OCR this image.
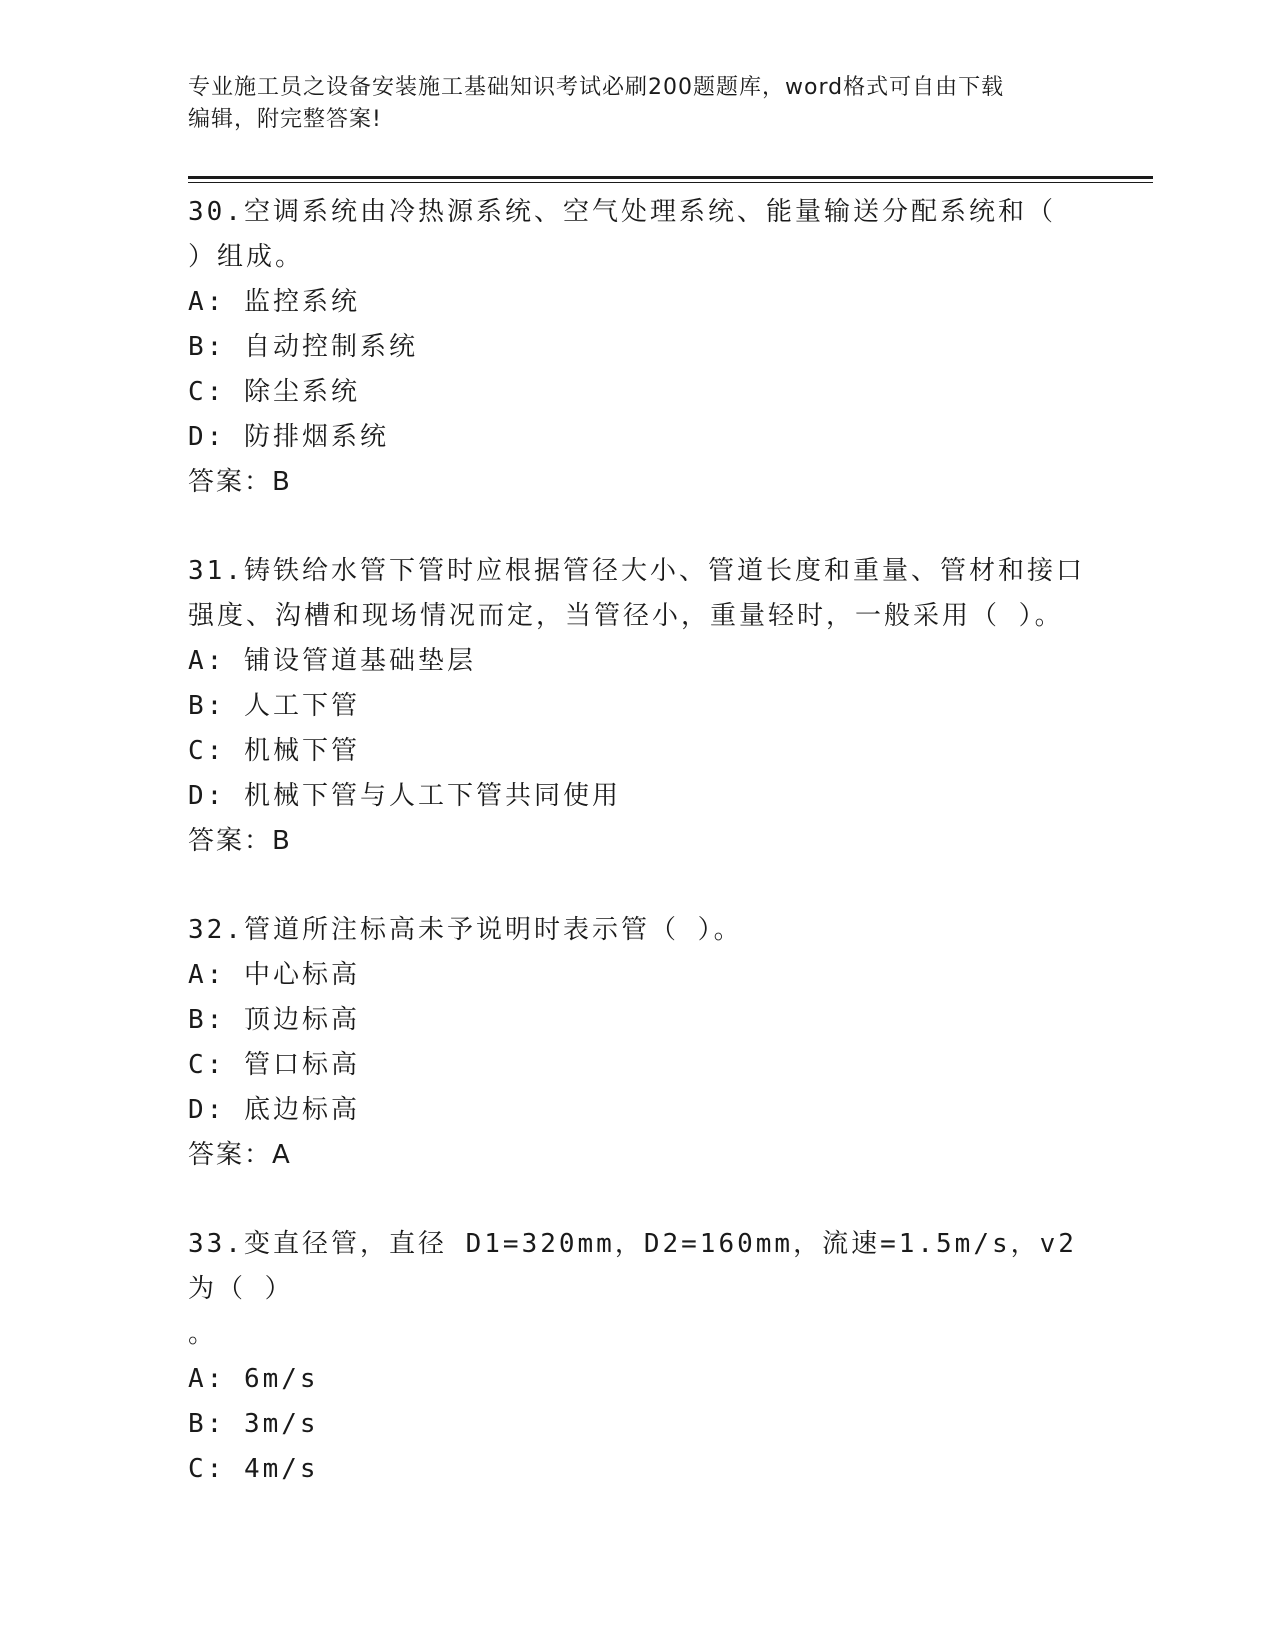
专业施工员之设备安装施工基础知识考试必刷200题题库，word格式可自由下载
编辑，附完整答案!
30.空调系统由冷热源系统、空气处理系统、能量输送分配系统和（
）组成。
A: 监控系统
B: 自动控制系统
C: 除尘系统
D: 防排烟系统
答案：B
31.铸铁给水管下管时应根据管径大小、管道长度和重量、管材和接口
强度、沟槽和现场情况而定，当管径小，重量轻时，一般采用（ ）。
A: 铺设管道基础垫层
B: 人工下管
C: 机械下管
D: 机械下管与人工下管共同使用
答案：B
32.管道所注标高未予说明时表示管（ ）。
A: 中心标高
B: 顶边标高
C: 管口标高
D: 底边标高
答案：A
33.变直径管，直径 D1=320mm，D2=160mm，流速=1.5m/s，v2 为（ ）
。
A: 6m/s
B: 3m/s
C: 4m/s
